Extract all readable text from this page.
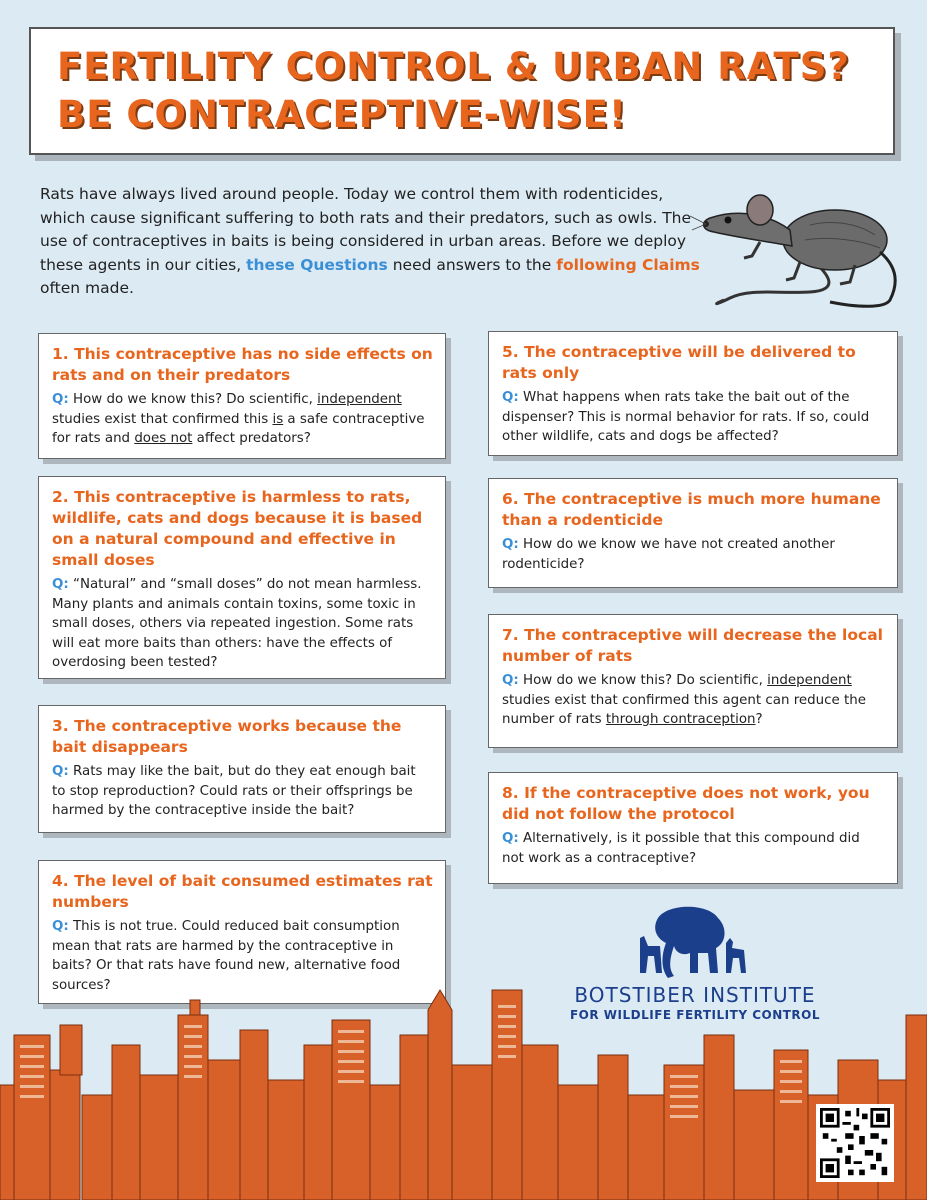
FERTILITY CONTROL & URBAN RATS?
BE CONTRACEPTIVE-WISE!

Rats have always lived around people. Today we control them with rodenticides, which cause significant suffering to both rats and their predators, such as owls. The use of contraceptives in baits is being considered in urban areas. Before we deploy these agents in our cities, these Questions need answers to the following Claims often made.

1. This contraceptive has no side effects on rats and on their predators
Q: How do we know this? Do scientific, independent studies exist that confirmed this is a safe contraceptive for rats and does not affect predators?
2. This contraceptive is harmless to rats, wildlife, cats and dogs because it is based on a natural compound and effective in small doses
Q: “Natural” and “small doses” do not mean harmless. Many plants and animals contain toxins, some toxic in small doses, others via repeated ingestion. Some rats will eat more baits than others: have the effects of overdosing been tested?
3. The contraceptive works because the bait disappears
Q: Rats may like the bait, but do they eat enough bait to stop reproduction? Could rats or their offsprings be harmed by the contraceptive inside the bait?
4. The level of bait consumed estimates rat numbers
Q: This is not true. Could reduced bait consumption mean that rats are harmed by the contraceptive in baits? Or that rats have found new, alternative food sources?
5. The contraceptive will be delivered to rats only
Q: What happens when rats take the bait out of the dispenser? This is normal behavior for rats. If so, could other wildlife, cats and dogs be affected?
6. The contraceptive is much more humane than a rodenticide
Q: How do we know we have not created another rodenticide?
7. The contraceptive will decrease the local number of rats
Q: How do we know this? Do scientific, independent studies exist that confirmed this agent can reduce the number of rats through contraception?
8. If the contraceptive does not work, you did not follow the protocol
Q: Alternatively, is it possible that this compound did not work as a contraceptive?
BOTSTIBER INSTITUTE
FOR WILDLIFE FERTILITY CONTROL
